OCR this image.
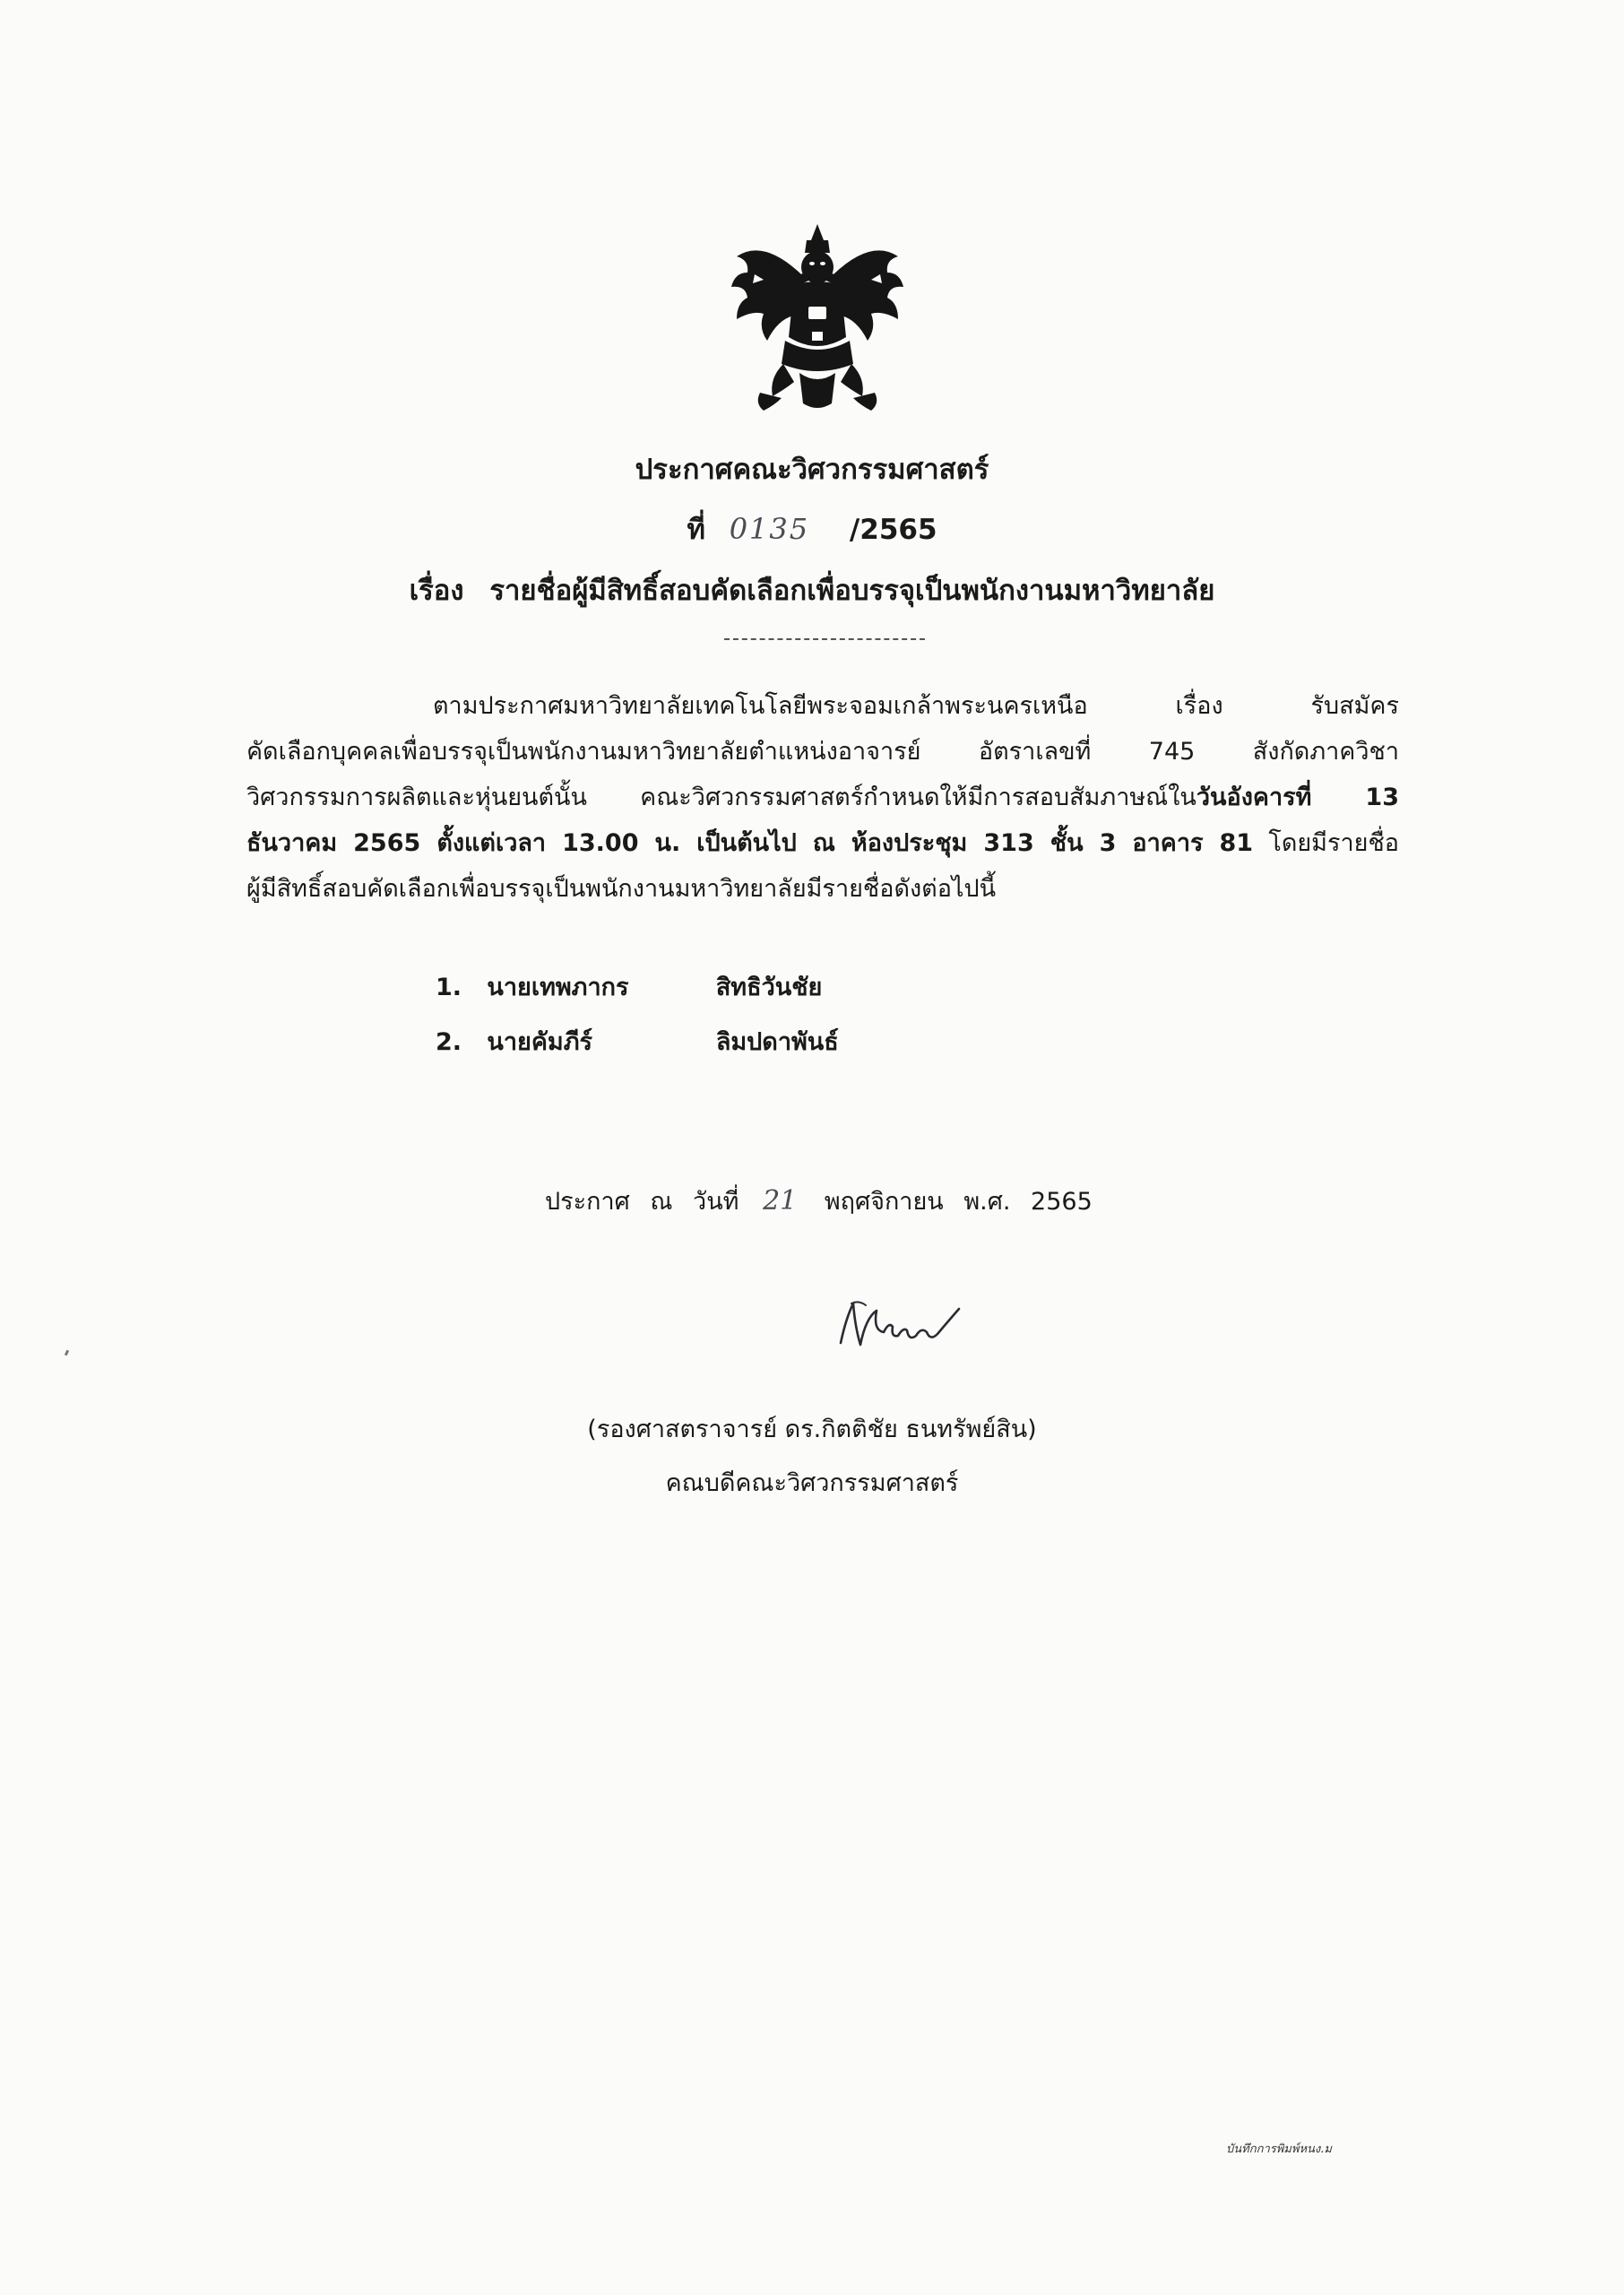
ประกาศคณะวิศวกรรมศาสตร์
ที่ 0135 /2565
เรื่อง รายชื่อผู้มีสิทธิ์สอบคัดเลือกเพื่อบรรจุเป็นพนักงานมหาวิทยาลัย
ตามประกาศมหาวิทยาลัยเทคโนโลยีพระจอมเกล้าพระนครเหนือ เรื่อง รับสมัคร
คัดเลือกบุคคลเพื่อบรรจุเป็นพนักงานมหาวิทยาลัยตำแหน่งอาจารย์ อัตราเลขที่ 745 สังกัดภาควิชา
วิศวกรรมการผลิตและหุ่นยนต์นั้น คณะวิศวกรรมศาสตร์กำหนดให้มีการสอบสัมภาษณ์ในวันอังคารที่ 13
ธันวาคม 2565 ตั้งแต่เวลา 13.00 น. เป็นต้นไป ณ ห้องประชุม 313 ชั้น 3 อาคาร 81 โดยมีรายชื่อ
ผู้มีสิทธิ์สอบคัดเลือกเพื่อบรรจุเป็นพนักงานมหาวิทยาลัยมีรายชื่อดังต่อไปนี้
1. นายเทพภากร	สิทธิวันชัย
2. นายคัมภีร์	ลิมปดาพันธ์
ประกาศ ณ วันที่ 21 พฤศจิกายน พ.ศ. 2565
(รองศาสตราจารย์ ดร.กิตติชัย ธนทรัพย์สิน)
คณบดีคณะวิศวกรรมศาสตร์
บันทึกการพิมพ์หนง.ม
